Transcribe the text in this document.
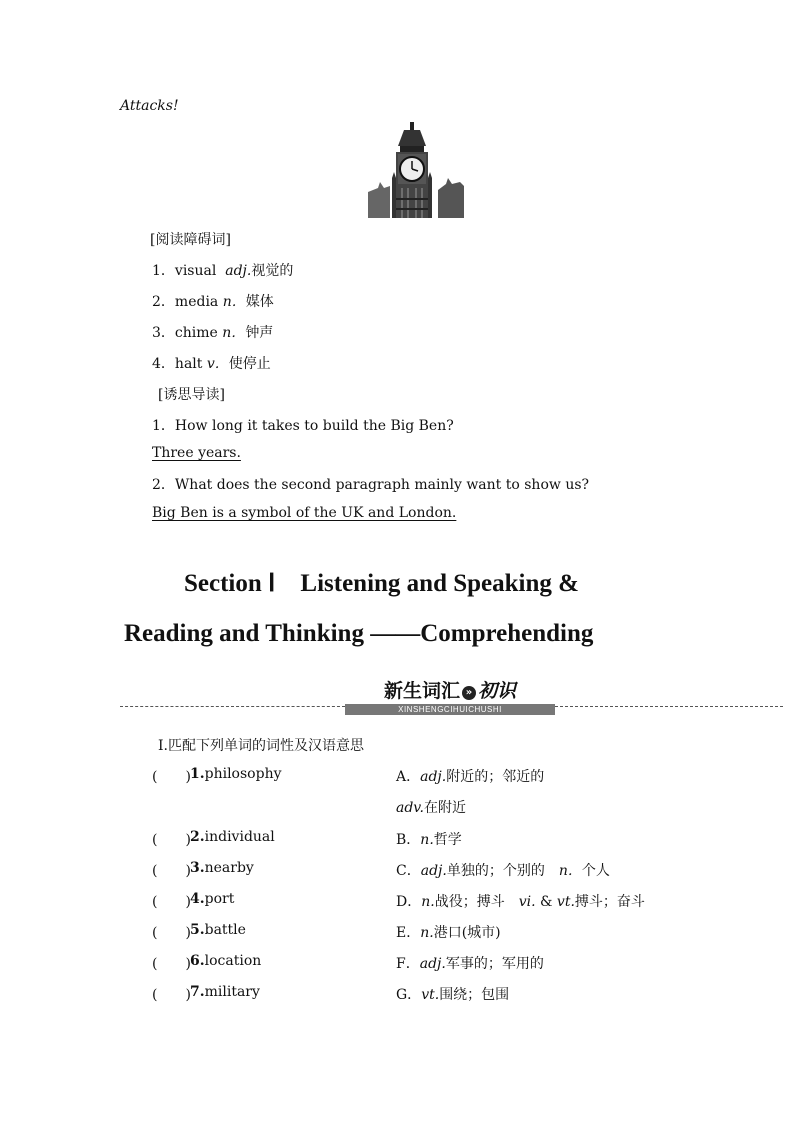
Attacks!
[阅读障碍词]
1．visual adj.视觉的
2．media n．媒体
3．chime n．钟声
4．halt v．使停止
[诱思导读]
1．How long it takes to build the Big Ben?
Three years.
2．What does the second paragraph mainly want to show us?
Big Ben is a symbol of the UK and London.
Section Ⅰ　Listening and Speaking &
Reading and Thinking ——Comprehending
新生词汇 » 初识
XINSHENGCIHUICHUSHI
Ⅰ.匹配下列单词的词性及汉语意思
(　　) 1.philosophy	A．adj.附近的；邻近的
adv.在附近
(　　) 2.individual	B．n.哲学
(　　) 3.nearby	C．adj.单独的；个别的　n．个人
(　　) 4.port	D．n.战役；搏斗　vi. & vt.搏斗；奋斗
(　　) 5.battle	E．n.港口(城市)
(　　) 6.location	F．adj.军事的；军用的
(　　) 7.military	G．vt.围绕；包围
